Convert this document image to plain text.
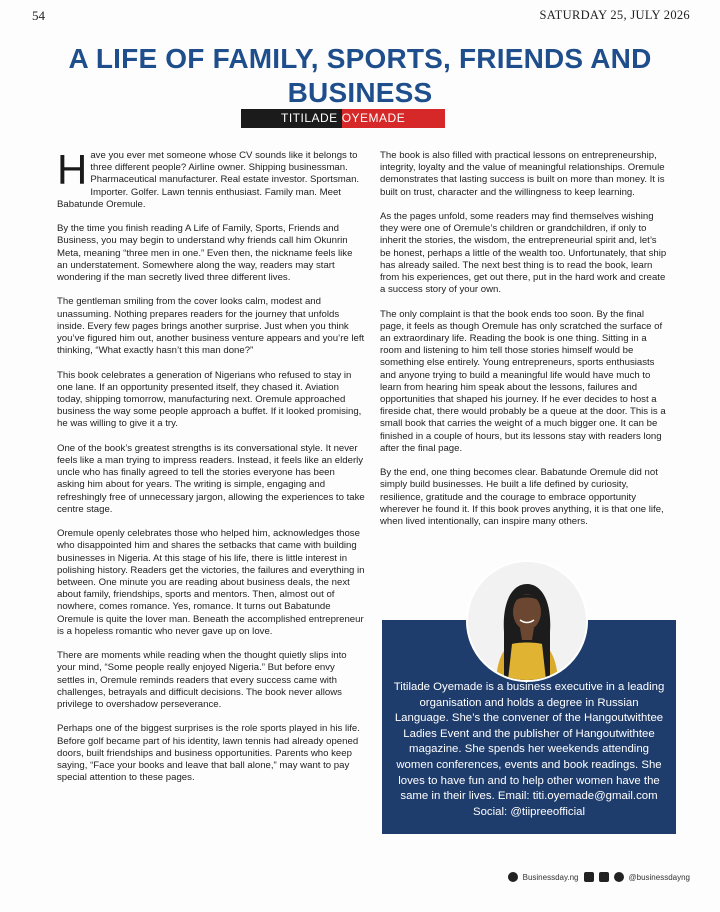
54	SATURDAY 25, JULY 2026
A LIFE OF FAMILY, SPORTS, FRIENDS AND BUSINESS
TITILADE OYEMADE

Have you ever met someone whose CV sounds like it belongs to three different people? Airline owner. Shipping businessman. Pharmaceutical manufacturer. Real estate investor. Sportsman. Importer. Golfer. Lawn tennis enthusiast. Family man. Meet Babatunde Oremule.

By the time you finish reading A Life of Family, Sports, Friends and Business, you may begin to understand why friends call him Okunrin Meta, meaning “three men in one.” Even then, the nickname feels like an understatement. Somewhere along the way, readers may start wondering if the man secretly lived three different lives.

The gentleman smiling from the cover looks calm, modest and unassuming. Nothing prepares readers for the journey that unfolds inside. Every few pages brings another surprise. Just when you think you’ve figured him out, another business venture appears and you’re left thinking, “What exactly hasn’t this man done?”

This book celebrates a generation of Nigerians who refused to stay in one lane. If an opportunity presented itself, they chased it. Aviation today, shipping tomorrow, manufacturing next. Oremule approached business the way some people approach a buffet. If it looked promising, he was willing to give it a try.

One of the book’s greatest strengths is its conversational style. It never feels like a man trying to impress readers. Instead, it feels like an elderly uncle who has finally agreed to tell the stories everyone has been asking him about for years. The writing is simple, engaging and refreshingly free of unnecessary jargon, allowing the experiences to take centre stage.

Oremule openly celebrates those who helped him, acknowledges those who disappointed him and shares the setbacks that came with building businesses in Nigeria. At this stage of his life, there is little interest in polishing history. Readers get the victories, the failures and everything in between. One minute you are reading about business deals, the next about family, friendships, sports and mentors. Then, almost out of nowhere, comes romance. Yes, romance. It turns out Babatunde Oremule is quite the lover man. Beneath the accomplished entrepreneur is a hopeless romantic who never gave up on love.

There are moments while reading when the thought quietly slips into your mind, “Some people really enjoyed Nigeria.” But before envy settles in, Oremule reminds readers that every success came with challenges, betrayals and difficult decisions. The book never allows privilege to overshadow perseverance.

Perhaps one of the biggest surprises is the role sports played in his life. Before golf became part of his identity, lawn tennis had already opened doors, built friendships and business opportunities. Parents who keep saying, “Face your books and leave that ball alone,” may want to pay special attention to these pages.

The book is also filled with practical lessons on entrepreneurship, integrity, loyalty and the value of meaningful relationships. Oremule demonstrates that lasting success is built on more than money. It is built on trust, character and the willingness to keep learning.

As the pages unfold, some readers may find themselves wishing they were one of Oremule’s children or grandchildren, if only to inherit the stories, the wisdom, the entrepreneurial spirit and, let’s be honest, perhaps a little of the wealth too. Unfortunately, that ship has already sailed. The next best thing is to read the book, learn from his experiences, get out there, put in the hard work and create a success story of your own.

The only complaint is that the book ends too soon. By the final page, it feels as though Oremule has only scratched the surface of an extraordinary life. Reading the book is one thing. Sitting in a room and listening to him tell those stories himself would be something else entirely. Young entrepreneurs, sports enthusiasts and anyone trying to build a meaningful life would have much to learn from hearing him speak about the lessons, failures and opportunities that shaped his journey. If he ever decides to host a fireside chat, there would probably be a queue at the door. This is a small book that carries the weight of a much bigger one. It can be finished in a couple of hours, but its lessons stay with readers long after the final page.

By the end, one thing becomes clear. Babatunde Oremule did not simply build businesses. He built a life defined by curiosity, resilience, gratitude and the courage to embrace opportunity wherever he found it. If this book proves anything, it is that one life, when lived intentionally, can inspire many others.

Titilade Oyemade is a business executive in a leading organisation and holds a degree in Russian Language. She’s the convener of the Hangoutwithtee Ladies Event and the publisher of Hangoutwithtee magazine. She spends her weekends attending women conferences, events and book readings. She loves to have fun and to help other women have the same in their lives. Email: titi.oyemade@gmail.com
Social: @tiipreeofficial
Businessday.ng	@businessdayng
